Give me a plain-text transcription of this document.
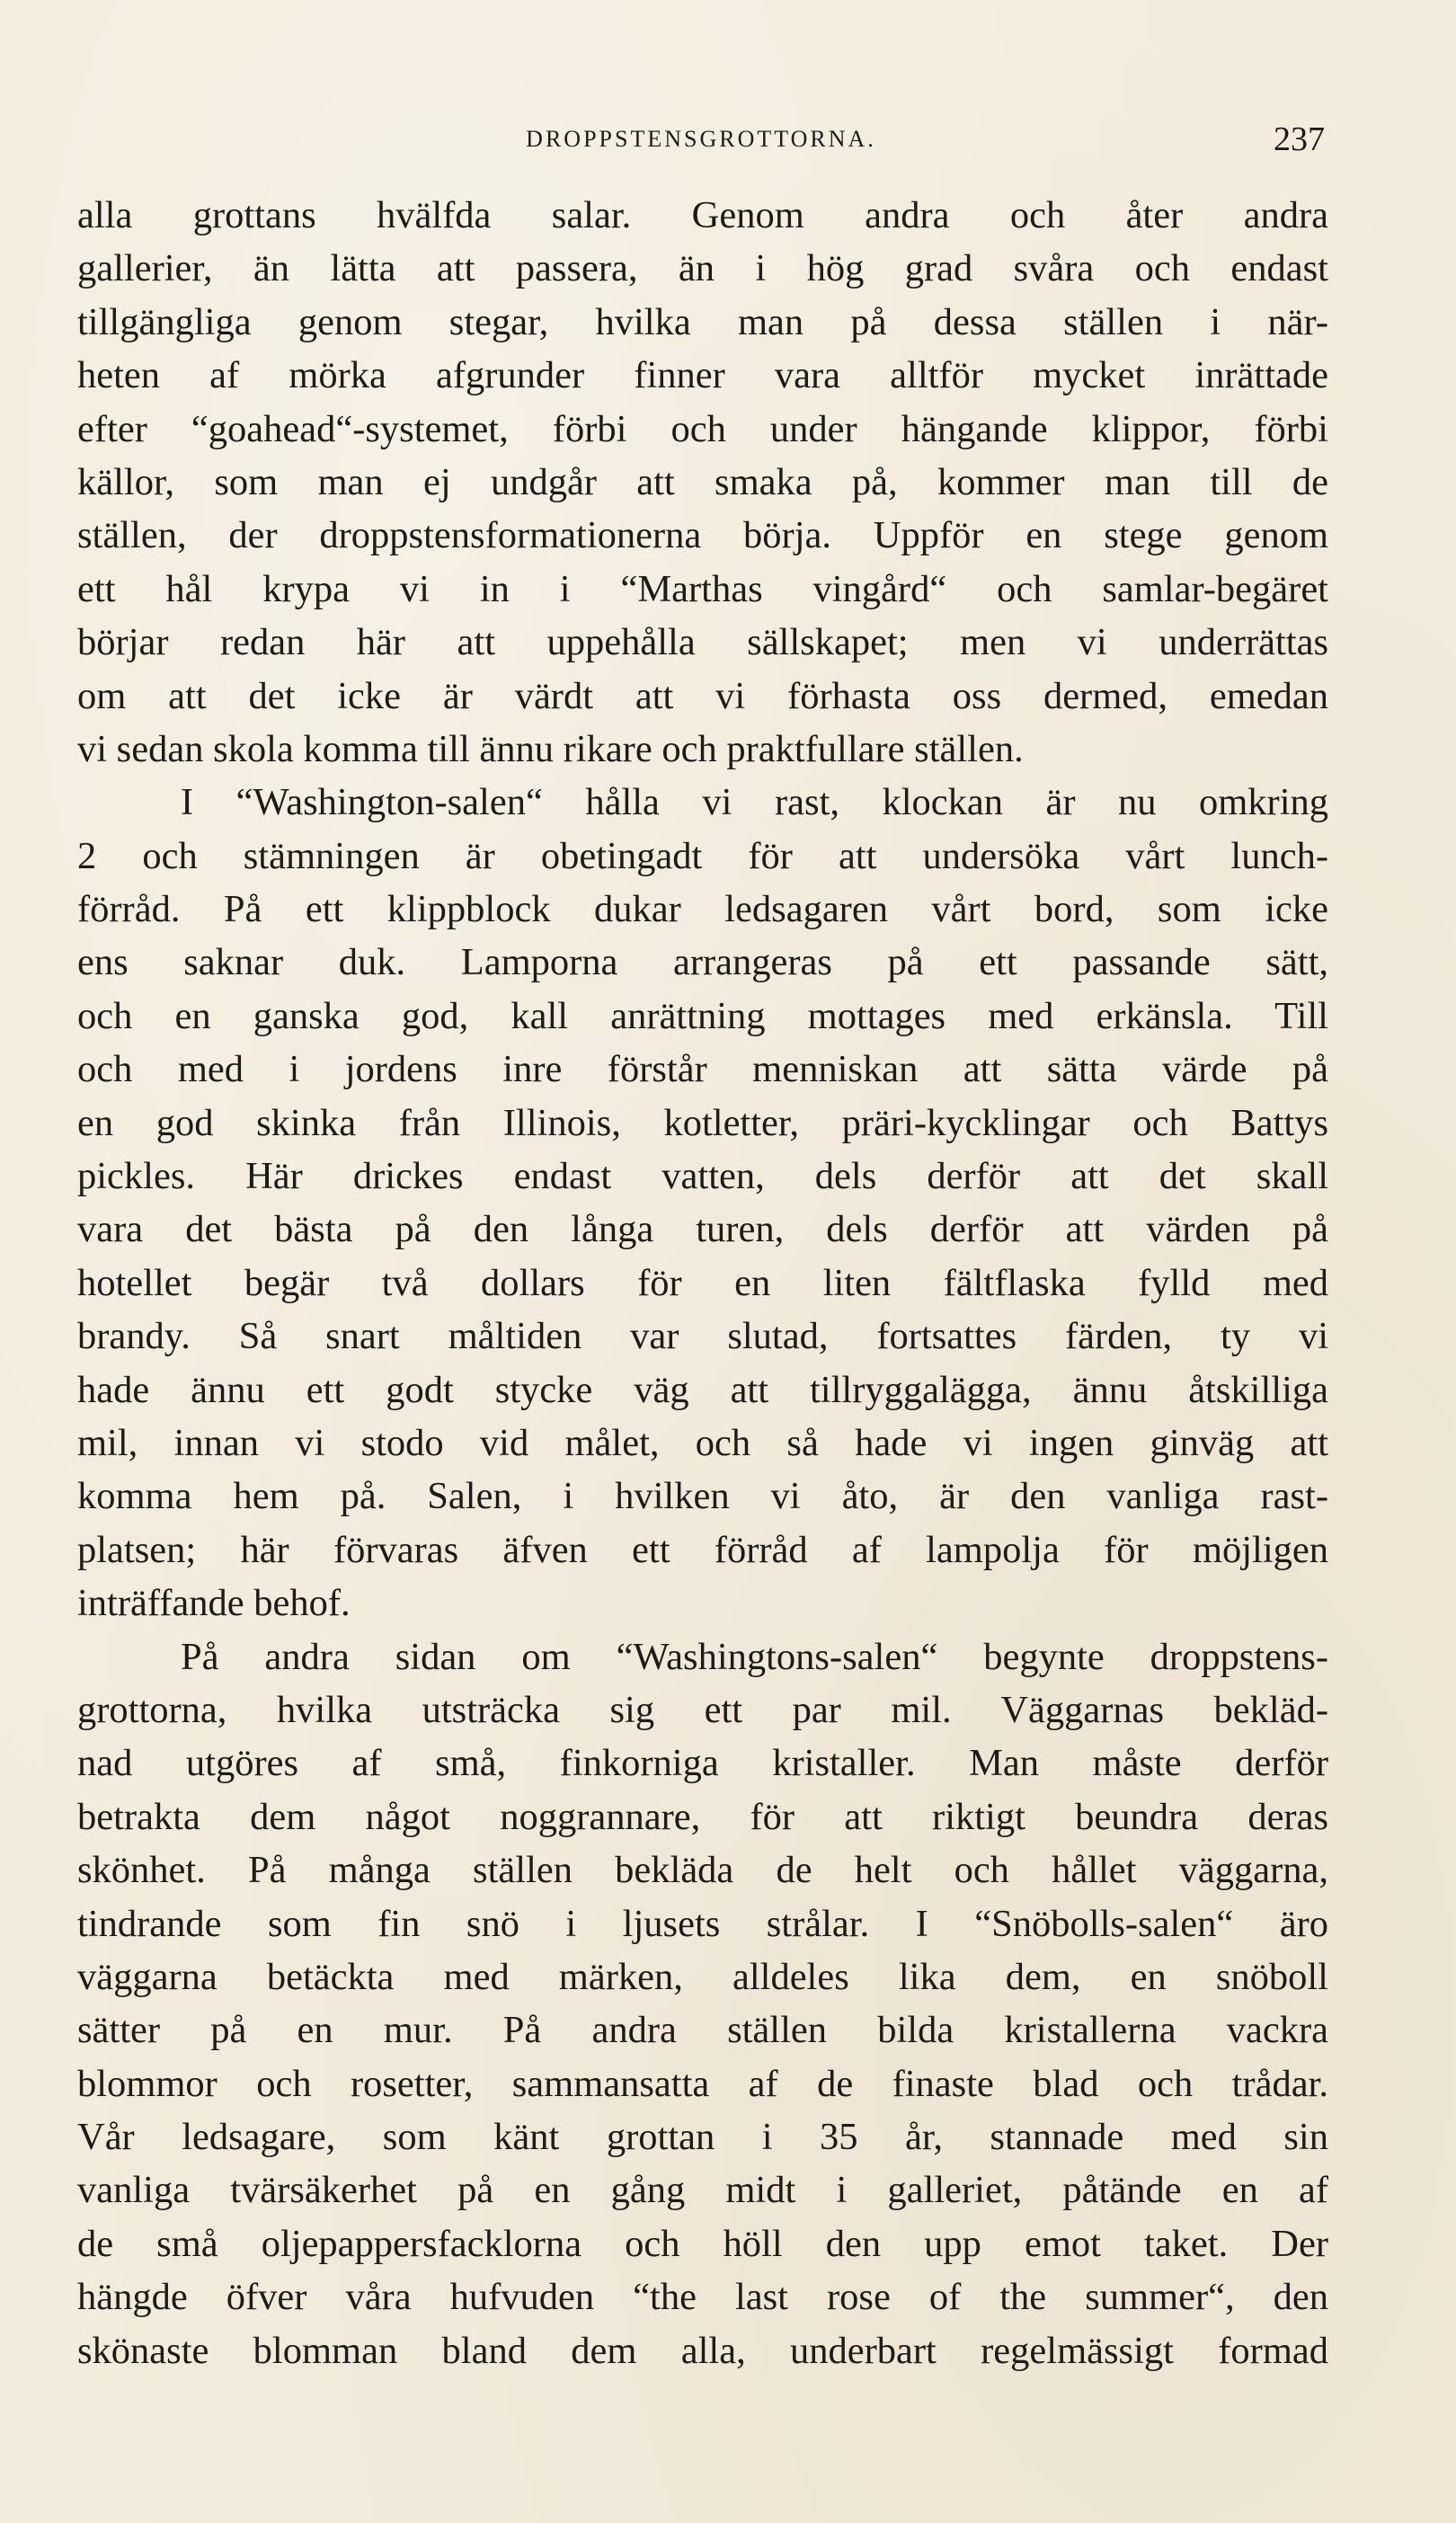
DROPPSTENSGROTTORNA.	237
alla grottans hvälfda salar. Genom andra och åter andra
gallerier, än lätta att passera, än i hög grad svåra och endast
tillgängliga genom stegar, hvilka man på dessa ställen i när-
heten af mörka afgrunder finner vara alltför mycket inrättade
efter “goahead“-systemet, förbi och under hängande klippor, förbi
källor, som man ej undgår att smaka på, kommer man till de
ställen, der droppstensformationerna börja. Uppför en stege genom
ett hål krypa vi in i “Marthas vingård“ och samlar-begäret
börjar redan här att uppehålla sällskapet; men vi underrättas
om att det icke är värdt att vi förhasta oss dermed, emedan
vi sedan skola komma till ännu rikare och praktfullare ställen.
I “Washington-salen“ hålla vi rast, klockan är nu omkring
2 och stämningen är obetingadt för att undersöka vårt lunch-
förråd. På ett klippblock dukar ledsagaren vårt bord, som icke
ens saknar duk. Lamporna arrangeras på ett passande sätt,
och en ganska god, kall anrättning mottages med erkänsla. Till
och med i jordens inre förstår menniskan att sätta värde på
en god skinka från Illinois, kotletter, präri-kycklingar och Battys
pickles. Här drickes endast vatten, dels derför att det skall
vara det bästa på den långa turen, dels derför att värden på
hotellet begär två dollars för en liten fältflaska fylld med
brandy. Så snart måltiden var slutad, fortsattes färden, ty vi
hade ännu ett godt stycke väg att tillryggalägga, ännu åtskilliga
mil, innan vi stodo vid målet, och så hade vi ingen ginväg att
komma hem på. Salen, i hvilken vi åto, är den vanliga rast-
platsen; här förvaras äfven ett förråd af lampolja för möjligen
inträffande behof.
På andra sidan om “Washingtons-salen“ begynte droppstens-
grottorna, hvilka utsträcka sig ett par mil. Väggarnas bekläd-
nad utgöres af små, finkorniga kristaller. Man måste derför
betrakta dem något noggrannare, för att riktigt beundra deras
skönhet. På många ställen beklädа de helt och hållet väggarna,
tindrande som fin snö i ljusets strålar. I “Snöbolls-salen“ äro
väggarna betäckta med märken, alldeles lika dem, en snöboll
sätter på en mur. På andra ställen bilda kristallerna vackra
blommor och rosetter, sammansatta af de finaste blad och trådar.
Vår ledsagare, som känt grottan i 35 år, stannade med sin
vanliga tvärsäkerhet på en gång midt i galleriet, påtände en af
de små oljepappersfacklorna och höll den upp emot taket. Der
hängde öfver våra hufvuden “the last rose of the summer“, den
skönaste blomman bland dem alla, underbart regelmässigt formad
